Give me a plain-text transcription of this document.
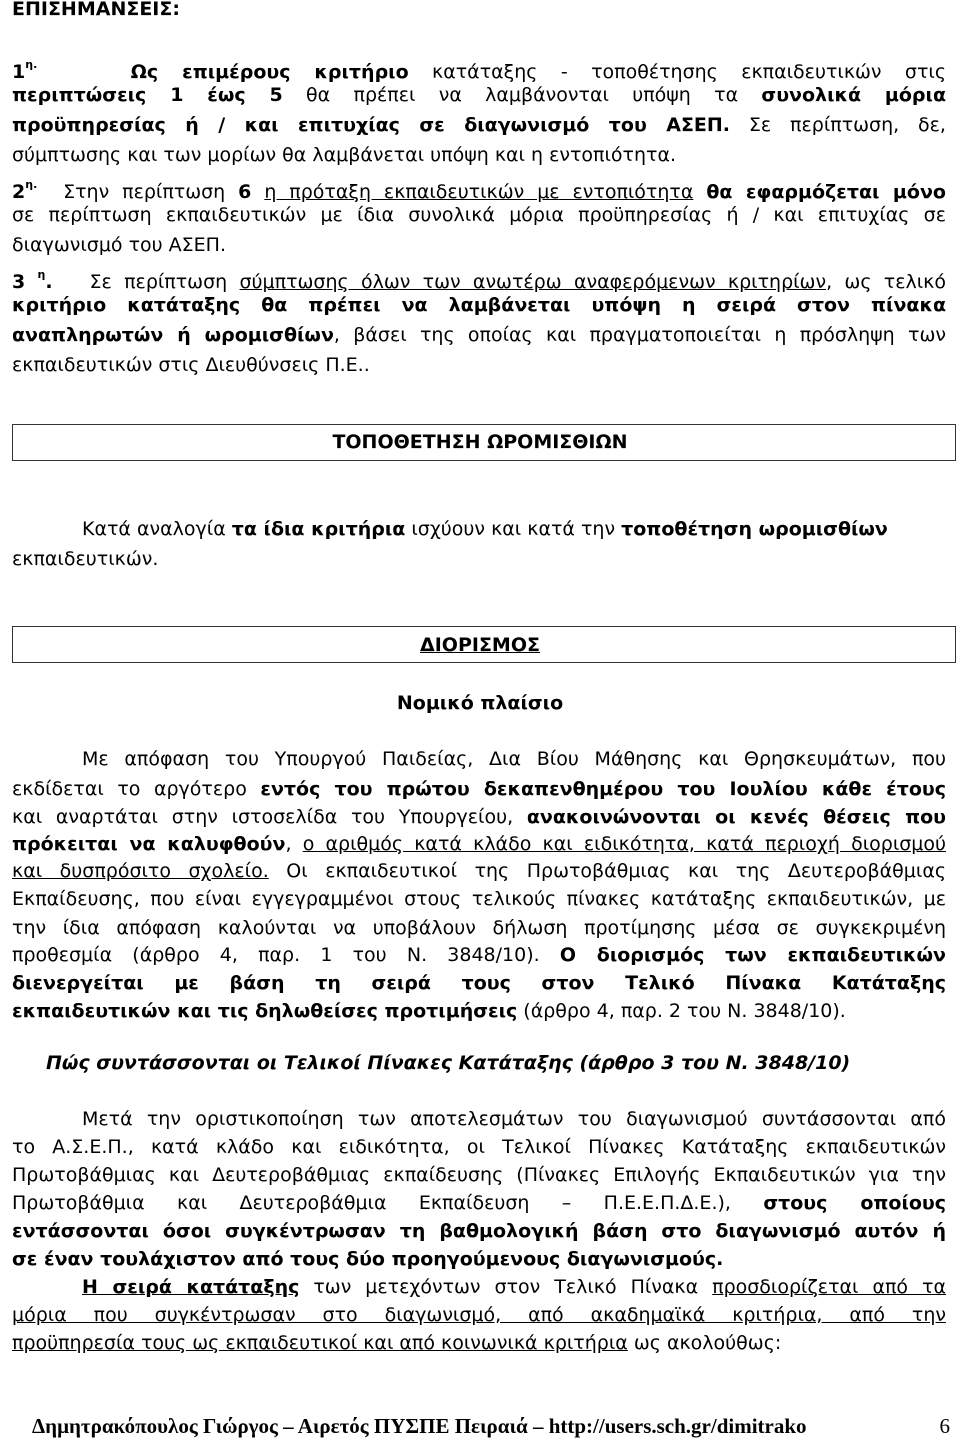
ΕΠΙΣΗΜΑΝΣΕΙΣ:

$1^{\eta.}$	Ως επιμέρους κριτήριο κατάταξης - τοποθέτησης εκπαιδευτικών στις

περιπτώσεις 1 έως 5 θα πρέπει να λαμβάνονται υπόψη τα συνολικά μόρια

προϋπηρεσίας ή / και επιτυχίας σε διαγωνισμό του ΑΣΕΠ. Σε περίπτωση, δε,

σύμπτωσης και των μορίων θα λαμβάνεται υπόψη και η εντοπιότητα.

$2^{\eta.}$ Στην περίπτωση 6 η πρόταξη εκπαιδευτικών με εντοπιότητα θα εφαρμόζεται μόνο

σε περίπτωση εκπαιδευτικών με ίδια συνολικά μόρια προϋπηρεσίας ή / και επιτυχίας σε

διαγωνισμό του ΑΣΕΠ.

3 $^\eta$. Σε περίπτωση σύμπτωσης όλων των ανωτέρω αναφερόμενων κριτηρίων, ως τελικό

κριτήριο κατάταξης θα πρέπει να λαμβάνεται υπόψη η σειρά στον πίνακα

αναπληρωτών ή ωρομισθίων, βάσει της οποίας και πραγματοποιείται η πρόσληψη των

εκπαιδευτικών στις Διευθύνσεις Π.Ε..

ΤΟΠΟΘΕΤΗΣΗ ΩΡΟΜΙΣΘΙΩΝ

Κατά αναλογία τα ίδια κριτήρια ισχύουν και κατά την τοποθέτηση ωρομισθίων

εκπαιδευτικών.

ΔΙΟΡΙΣΜΟΣ

Νομικό πλαίσιο

Με απόφαση του Υπουργού Παιδείας, Δια Βίου Μάθησης και Θρησκευμάτων, που

εκδίδεται το αργότερο εντός του πρώτου δεκαπενθημέρου του Ιουλίου κάθε έτους

και αναρτάται στην ιστοσελίδα του Υπουργείου, ανακοινώνονται οι κενές θέσεις που

πρόκειται να καλυφθούν, ο αριθμός κατά κλάδο και ειδικότητα, κατά περιοχή διορισμού

και δυσπρόσιτο σχολείο. Οι εκπαιδευτικοί της Πρωτοβάθμιας και της Δευτεροβάθμιας

Εκπαίδευσης, που είναι εγγεγραμμένοι στους τελικούς πίνακες κατάταξης εκπαιδευτικών, με

την ίδια απόφαση καλούνται να υποβάλουν δήλωση προτίμησης μέσα σε συγκεκριμένη

προθεσμία (άρθρο 4, παρ. 1 του Ν. 3848/10). Ο διορισμός των εκπαιδευτικών

διενεργείται με βάση τη σειρά τους στον Τελικό Πίνακα Κατάταξης

εκπαιδευτικών και τις δηλωθείσες προτιμήσεις (άρθρο 4, παρ. 2 του Ν. 3848/10).

Πώς συντάσσονται οι Τελικοί Πίνακες Κατάταξης (άρθρο 3 του Ν. 3848/10)

Μετά την οριστικοποίηση των αποτελεσμάτων του διαγωνισμού συντάσσονται από

το Α.Σ.Ε.Π., κατά κλάδο και ειδικότητα, οι Τελικοί Πίνακες Κατάταξης εκπαιδευτικών

Πρωτοβάθμιας και Δευτεροβάθμιας εκπαίδευσης (Πίνακες Επιλογής Εκπαιδευτικών για την

Πρωτοβάθμια και Δευτεροβάθμια Εκπαίδευση – Π.Ε.Ε.Π.Δ.Ε.), στους οποίους

εντάσσονται όσοι συγκέντρωσαν τη βαθμολογική βάση στο διαγωνισμό αυτόν ή

σε έναν τουλάχιστον από τους δύο προηγούμενους διαγωνισμούς.

Η σειρά κατάταξης των μετεχόντων στον Τελικό Πίνακα προσδιορίζεται από τα

μόρια που συγκέντρωσαν στο διαγωνισμό, από ακαδημαϊκά κριτήρια, από την

προϋπηρεσία τους ως εκπαιδευτικοί και από κοινωνικά κριτήρια ως ακολούθως:

Δημητρακόπουλος Γιώργος – Αιρετός ΠΥΣΠΕ Πειραιά – http://users.sch.gr/dimitrako	6
